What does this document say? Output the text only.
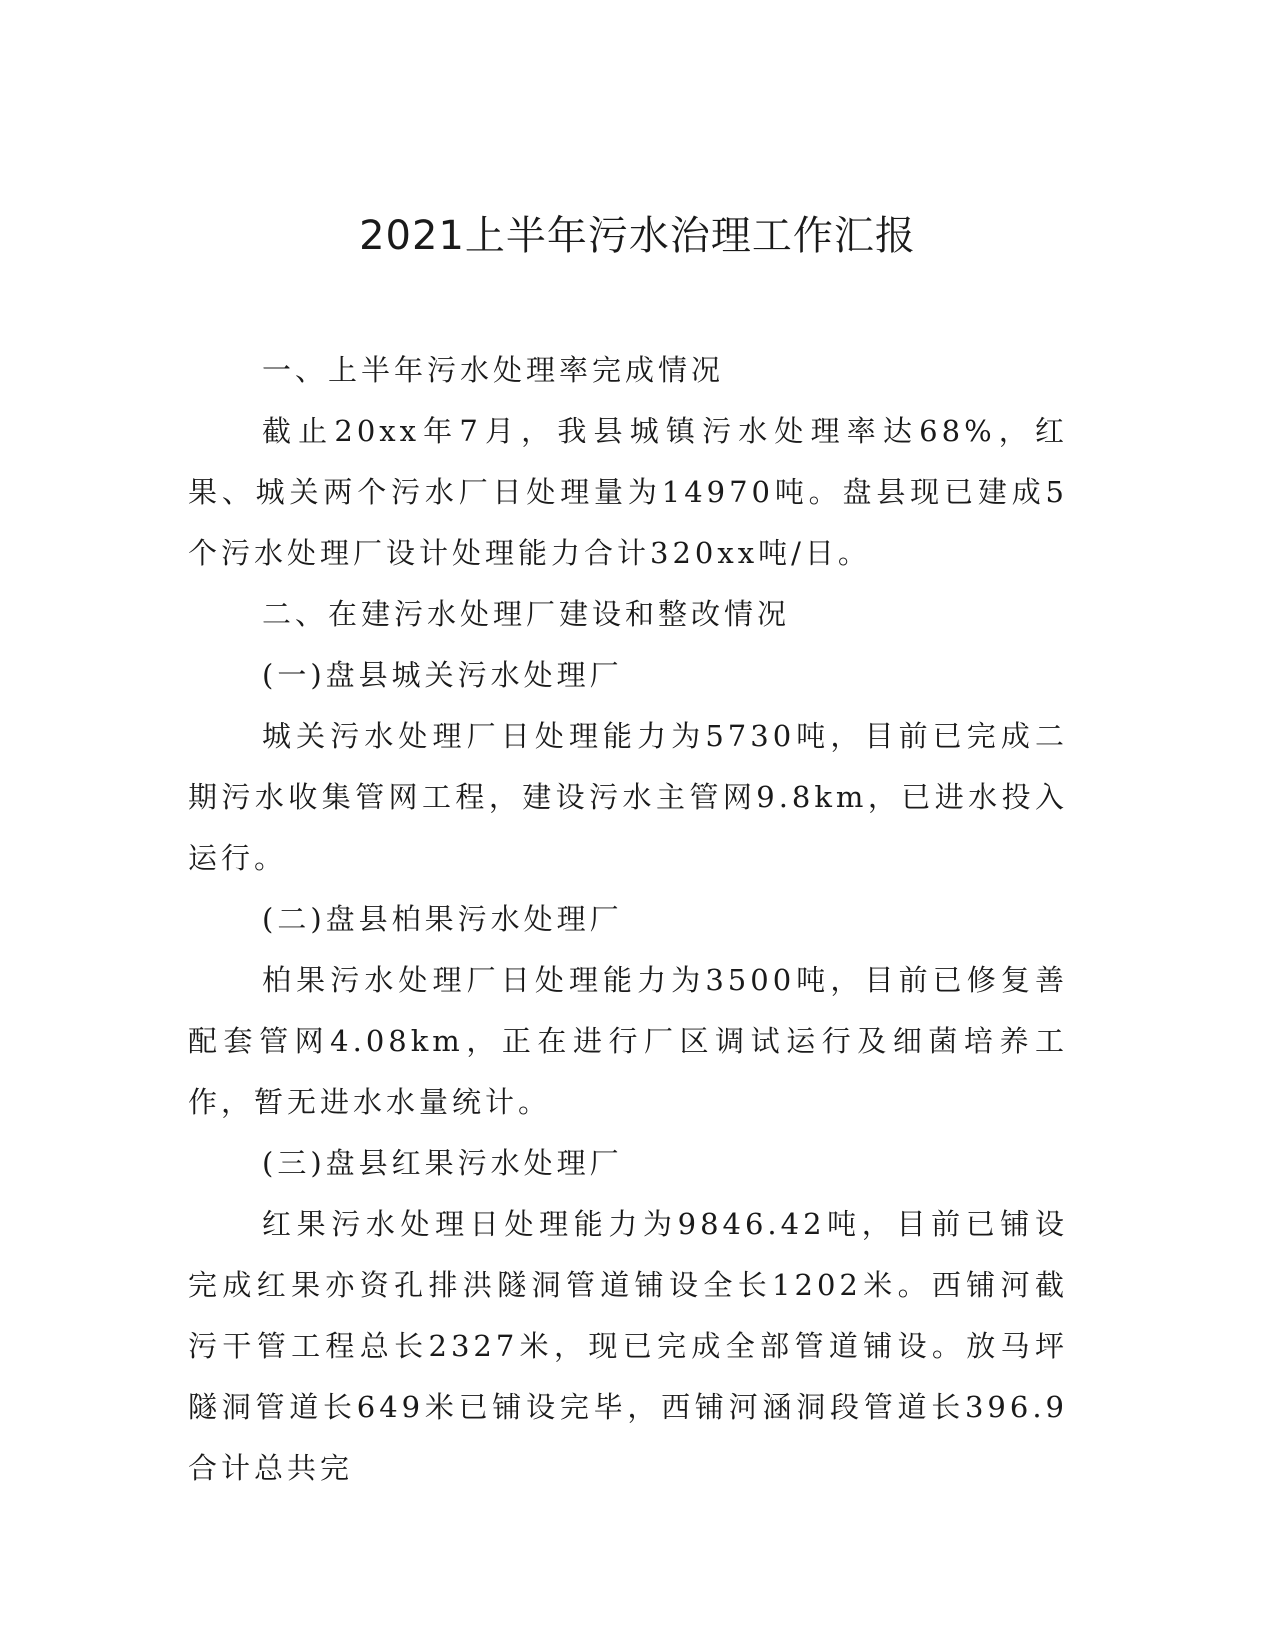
2021上半年污水治理工作汇报

一、上半年污水处理率完成情况

截止20xx年7月，我县城镇污水处理率达68%，红果、城关两个污水厂日处理量为14970吨。盘县现已建成5个污水处理厂设计处理能力合计320xx吨/日。

二、在建污水处理厂建设和整改情况

(一)盘县城关污水处理厂

城关污水处理厂日处理能力为5730吨，目前已完成二期污水收集管网工程，建设污水主管网9.8km，已进水投入运行。

(二)盘县柏果污水处理厂

柏果污水处理厂日处理能力为3500吨，目前已修复善配套管网4.08km，正在进行厂区调试运行及细菌培养工作，暂无进水水量统计。

(三)盘县红果污水处理厂

红果污水处理日处理能力为9846.42吨，目前已铺设完成红果亦资孔排洪隧洞管道铺设全长1202米。西铺河截污干管工程总长2327米，现已完成全部管道铺设。放马坪隧洞管道长649米已铺设完毕，西铺河涵洞段管道长396.9合计总共完
